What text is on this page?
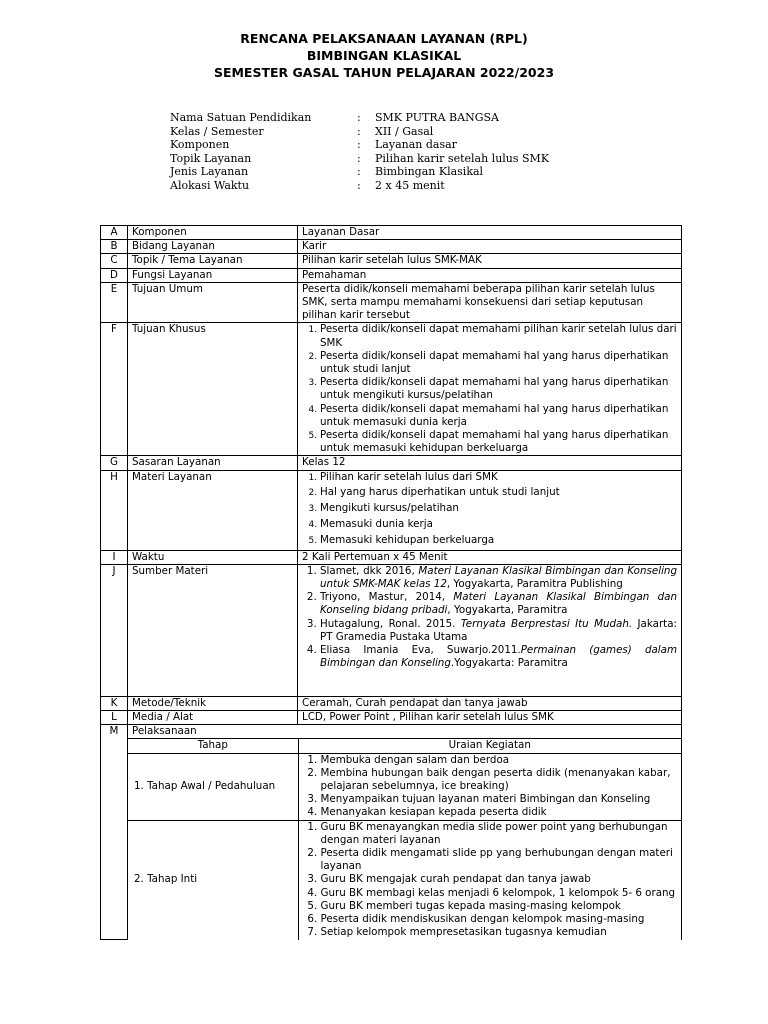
RENCANA PELAKSANAAN LAYANAN (RPL)
BIMBINGAN KLASIKAL
SEMESTER GASAL TAHUN PELAJARAN 2022/2023
Nama Satuan Pendidikan	: SMK PUTRA BANGSA
Kelas / Semester	: XII / Gasal
Komponen	: Layanan dasar
Topik Layanan	: Pilihan karir setelah lulus SMK
Jenis Layanan	: Bimbingan Klasikal
Alokasi Waktu	: 2 x 45 menit
A	Komponen	Layanan Dasar
B	Bidang Layanan	Karir
C	Topik / Tema Layanan	Pilihan karir setelah lulus SMK-MAK
D	Fungsi Layanan	Pemahaman
E	Tujuan Umum	Peserta didik/konseli memahami beberapa pilihan karir setelah lulus SMK, serta mampu memahami konsekuensi dari setiap keputusan pilihan karir tersebut
F	Tujuan Khusus	
1.Peserta didik/konseli dapat memahami pilihan karir setelah lulus dari SMK
2. Peserta didik/konseli dapat memahami hal yang harus diperhatikan untuk studi lanjut
3. Peserta didik/konseli dapat memahami hal yang harus diperhatikan untuk mengikuti kursus/pelatihan
4. Peserta didik/konseli dapat memahami hal yang harus diperhatikan untuk memasuki dunia kerja
5. Peserta didik/konseli dapat memahami hal yang harus diperhatikan untuk memasuki kehidupan berkeluarga

G	Sasaran Layanan	Kelas 12
H	Materi Layanan	
1.Pilihan karir setelah lulus dari SMK
2. Hal yang harus diperhatikan untuk studi lanjut
3. Mengikuti kursus/pelatihan
4. Memasuki dunia kerja
5. Memasuki kehidupan berkeluarga

I	Waktu	2 Kali Pertemuan x 45 Menit
J	Sumber Materi	
1.Slamet, dkk 2016, Materi Layanan Klasikal Bimbingan dan Konseling untuk SMK-MAK kelas 12, Yogyakarta, Paramitra Publishing
2. Triyono, Mastur, 2014, Materi Layanan Klasikal Bimbingan dan Konseling bidang pribadi, Yogyakarta, Paramitra
3. Hutagalung, Ronal. 2015. Ternyata Berprestasi Itu Mudah. Jakarta: PT Gramedia Pustaka Utama
4. Eliasa Imania Eva, Suwarjo.2011.Permainan (games) dalam Bimbingan dan Konseling.Yogyakarta: Paramitra

K	Metode/Teknik	Ceramah, Curah pendapat dan tanya jawab
L	Media / Alat	LCD, Power Point , Pilihan karir setelah lulus SMK
M	Pelaksanaan

Tahap	Uraian Kegiatan

1. Tahap Awal / Pedahuluan

1. Membuka dengan salam dan berdoa
2. Membina hubungan baik dengan peserta didik (menanyakan kabar, pelajaran sebelumnya, ice breaking)
3. Menyampaikan tujuan layanan materi Bimbingan dan Konseling
4. Menanyakan kesiapan kepada peserta didik

2. Tahap Inti

1. Guru BK menayangkan media slide power point yang berhubungan dengan materi layanan
2. Peserta didik mengamati slide pp yang berhubungan dengan materi layanan
3. Guru BK mengajak curah pendapat dan tanya jawab
4. Guru BK membagi kelas menjadi 6 kelompok, 1 kelompok 5- 6 orang
5. Guru BK memberi tugas kepada masing-masing kelompok
6. Peserta didik mendiskusikan dengan kelompok masing-masing
7. Setiap kelompok mempresetasikan tugasnya kemudian
